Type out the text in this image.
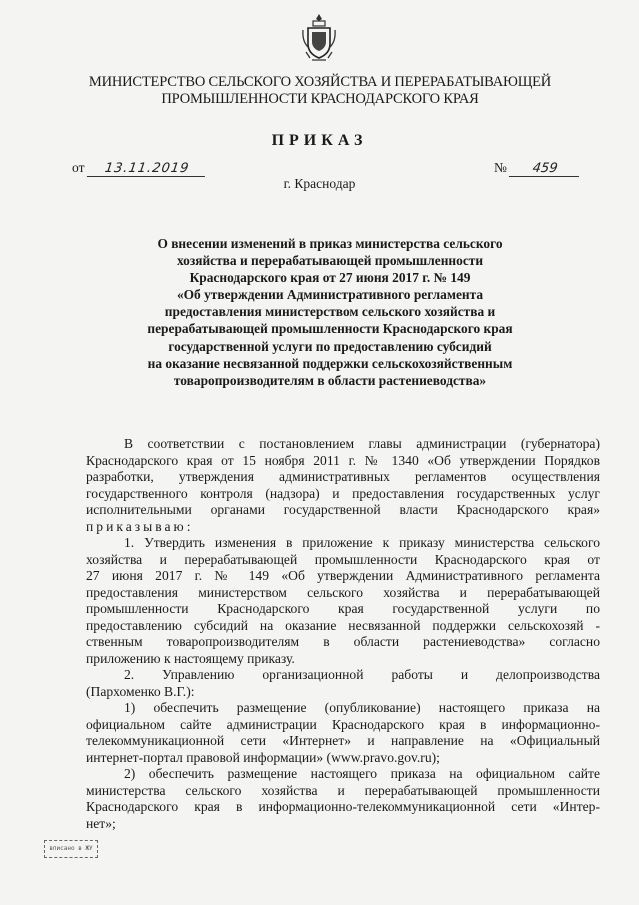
МИНИСТЕРСТВО СЕЛЬСКОГО ХОЗЯЙСТВА И ПЕРЕРАБАТЫВАЮЩЕЙ
ПРОМЫШЛЕННОСТИ КРАСНОДАРСКОГО КРАЯ
ПРИКАЗ
от 13.11.2019	№ 459
г. Краснодар
О внесении изменений в приказ министерства сельского
хозяйства и перерабатывающей промышленности
Краснодарского края от 27 июня 2017 г. № 149
«Об утверждении Административного регламента
предоставления министерством сельского хозяйства и
перерабатывающей промышленности Краснодарского края
государственной услуги по предоставлению субсидий
на оказание несвязанной поддержки сельскохозяйственным
товаропроизводителям в области растениеводства»
В соответствии с постановлением главы администрации (губернатора)
Краснодарского края от 15 ноября 2011 г. № 1340 «Об утверждении Порядков
разработки, утверждения административных регламентов осуществления
государственного контроля (надзора) и предоставления государственных услуг
исполнительными органами государственной власти Краснодарского края»
приказываю:
1. Утвердить изменения в приложение к приказу министерства сельского
хозяйства и перерабатывающей промышленности Краснодарского края от
27 июня 2017 г. № 149 «Об утверждении Административного регламента
предоставления министерством сельского хозяйства и перерабатывающей
промышленности Краснодарского края государственной услуги по
предоставлению субсидий на оказание несвязанной поддержки сельскохозяй -
ственным товаропроизводителям в области растениеводства» согласно
приложению к настоящему приказу.
2. Управлению организационной работы и делопроизводства
(Пархоменко В.Г.):
1) обеспечить размещение (опубликование) настоящего приказа на
официальном сайте администрации Краснодарского края в информационно-
телекоммуникационной сети «Интернет» и направление на «Официальный
интернет-портал правовой информации» (www.pravo.gov.ru);
2) обеспечить размещение настоящего приказа на официальном сайте
министерства сельского хозяйства и перерабатывающей промышленности
Краснодарского края в информационно-телекоммуникационной сети «Интер-
нет»;
вписано в ЖУ
